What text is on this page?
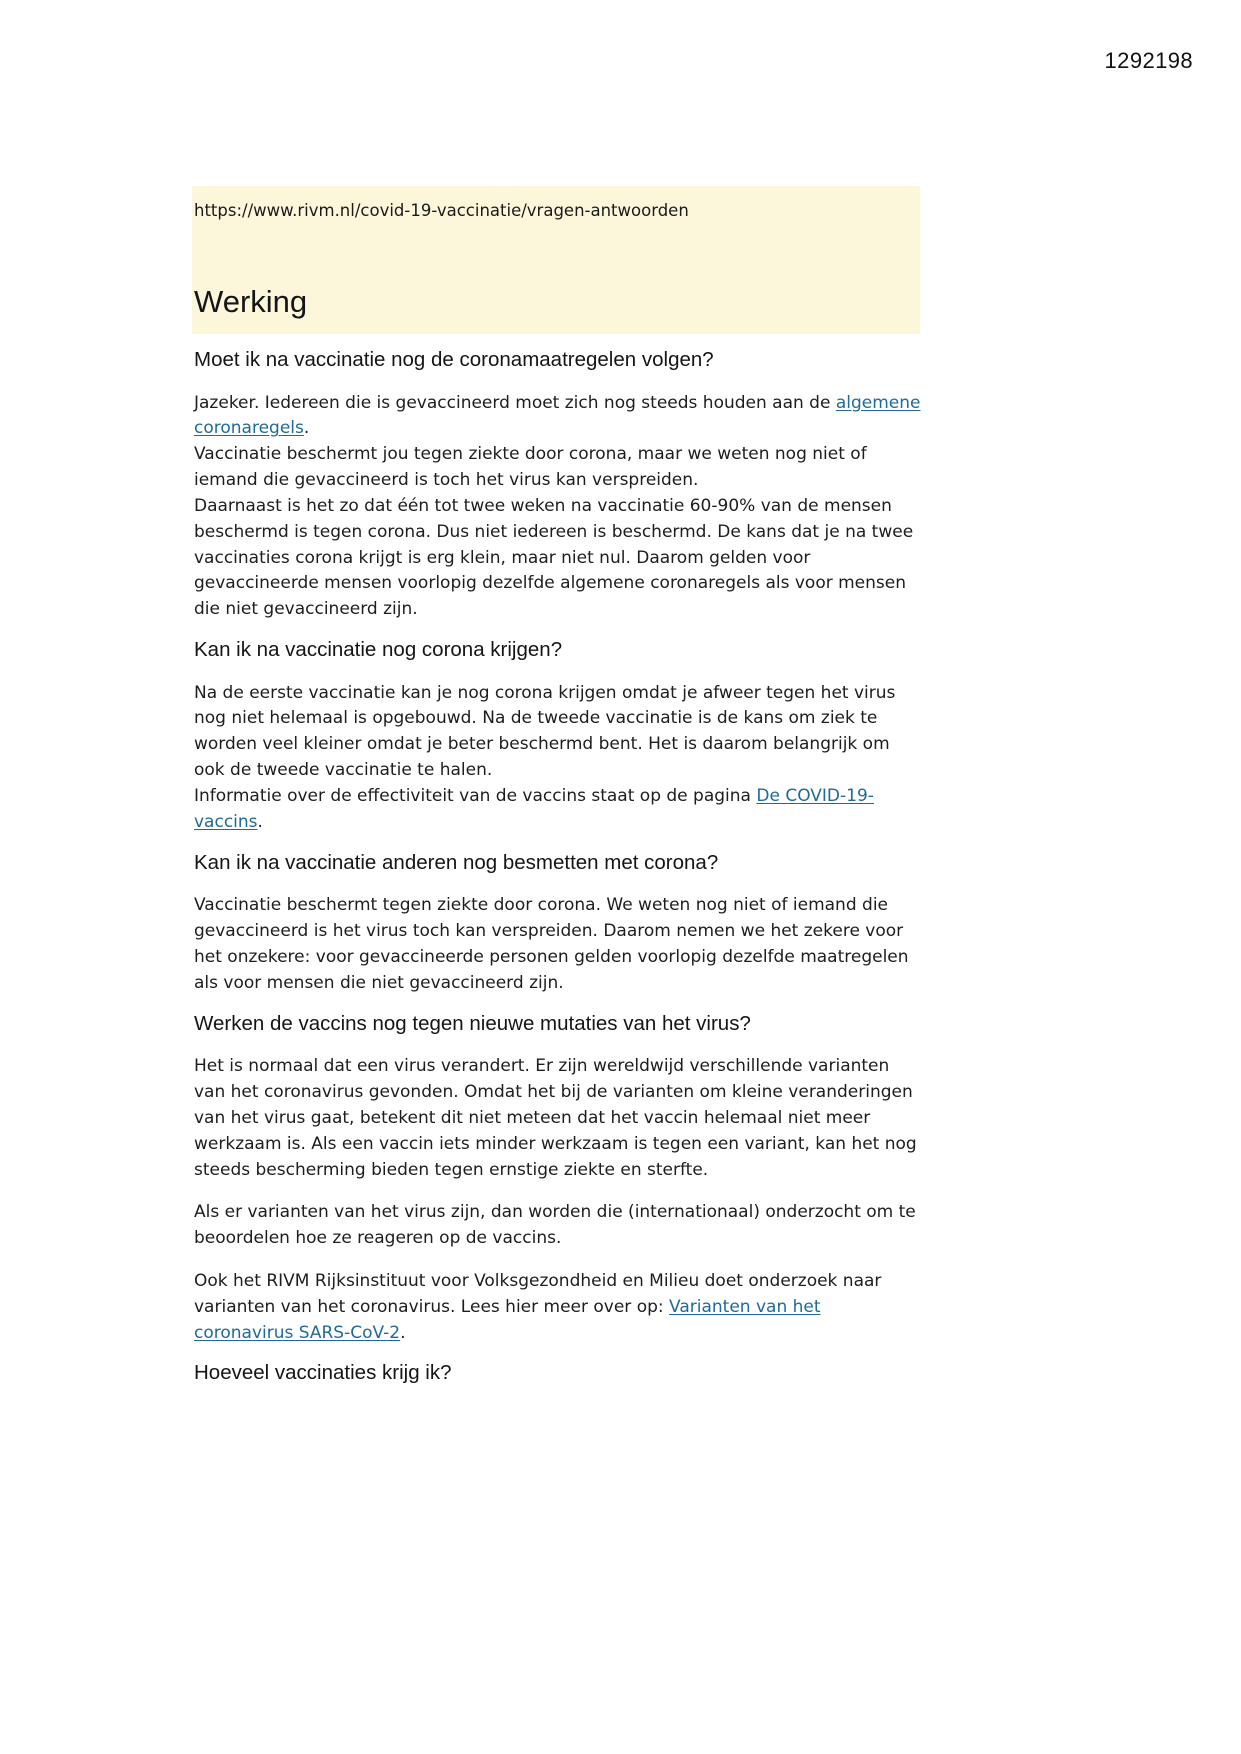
1292198
https://www.rivm.nl/covid-19-vaccinatie/vragen-antwoorden
Werking
Moet ik na vaccinatie nog de coronamaatregelen volgen?
Jazeker. Iedereen die is gevaccineerd moet zich nog steeds houden aan de algemene coronaregels.
Vaccinatie beschermt jou tegen ziekte door corona, maar we weten nog niet of iemand die gevaccineerd is toch het virus kan verspreiden.
Daarnaast is het zo dat één tot twee weken na vaccinatie 60-90% van de mensen beschermd is tegen corona. Dus niet iedereen is beschermd. De kans dat je na twee vaccinaties corona krijgt is erg klein, maar niet nul. Daarom gelden voor gevaccineerde mensen voorlopig dezelfde algemene coronaregels als voor mensen die niet gevaccineerd zijn.
Kan ik na vaccinatie nog corona krijgen?
Na de eerste vaccinatie kan je nog corona krijgen omdat je afweer tegen het virus nog niet helemaal is opgebouwd. Na de tweede vaccinatie is de kans om ziek te worden veel kleiner omdat je beter beschermd bent. Het is daarom belangrijk om ook de tweede vaccinatie te halen.
Informatie over de effectiviteit van de vaccins staat op de pagina De COVID-19-vaccins.
Kan ik na vaccinatie anderen nog besmetten met corona?
Vaccinatie beschermt tegen ziekte door corona. We weten nog niet of iemand die gevaccineerd is het virus toch kan verspreiden. Daarom nemen we het zekere voor het onzekere: voor gevaccineerde personen gelden voorlopig dezelfde maatregelen als voor mensen die niet gevaccineerd zijn.
Werken de vaccins nog tegen nieuwe mutaties van het virus?
Het is normaal dat een virus verandert. Er zijn wereldwijd verschillende varianten van het coronavirus gevonden. Omdat het bij de varianten om kleine veranderingen van het virus gaat, betekent dit niet meteen dat het vaccin helemaal niet meer werkzaam is. Als een vaccin iets minder werkzaam is tegen een variant, kan het nog steeds bescherming bieden tegen ernstige ziekte en sterfte.
Als er varianten van het virus zijn, dan worden die (internationaal) onderzocht om te beoordelen hoe ze reageren op de vaccins.
Ook het RIVM Rijksinstituut voor Volksgezondheid en Milieu doet onderzoek naar varianten van het coronavirus. Lees hier meer over op: Varianten van het coronavirus SARS-CoV-2.
Hoeveel vaccinaties krijg ik?
